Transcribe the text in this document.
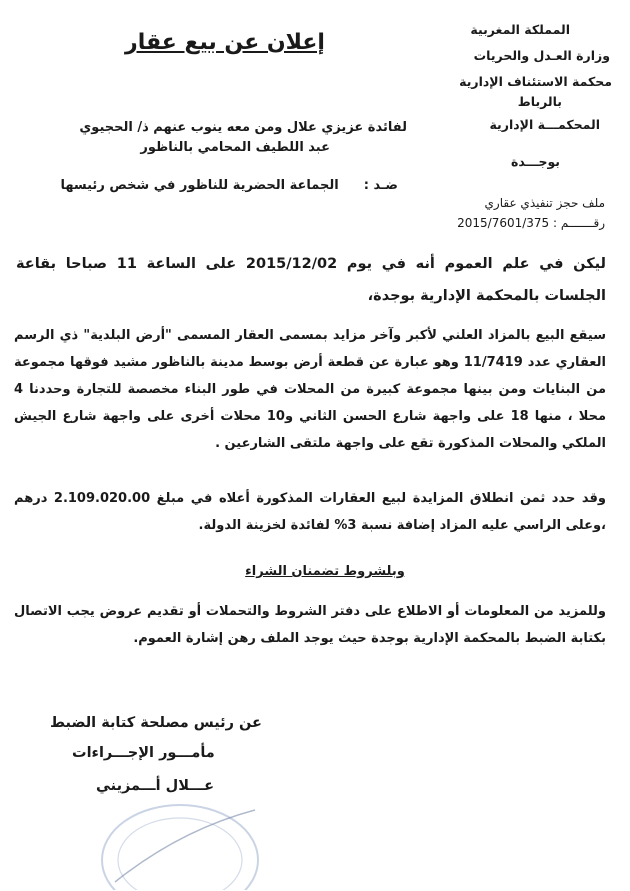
المملكة المغربية
وزارة العـدل والحريات
محكمة الاستئناف الإدارية
بالرباط
المحكمـــة الإدارية
بوجـــدة
إعلان عن بيع عقار
لفائدة عزيزي علال ومن معه ينوب عنهم ذ/ الحجيوي
عبد اللطيف المحامي بالناظور
ضـد :  الجماعة الحضرية للناظور في شخص رئيسها
ملف حجز تنفيذي عقاري
رقـــــــم : 2015/7601/375
ليكن في علم العموم أنه في يوم 2015/12/02 على الساعة 11 صباحا بقاعة الجلسات بالمحكمة الإدارية بوجدة،
سيقع البيع بالمزاد العلني لأكبر وآخر مزايد بمسمى العقار المسمى "أرض البلدية" ذي الرسم العقاري عدد 11/7419 وهو عبارة عن قطعة أرض بوسط مدينة بالناظور مشيد فوقها مجموعة من البنايات ومن بينها مجموعة كبيرة من المحلات في طور البناء مخصصة للتجارة وحددنا 4 محلا ، منها 18 على واجهة شارع الحسن الثاني و10 محلات أخرى على واجهة شارع الجيش الملكي والمحلات المذكورة تقع على واجهة ملتقى الشارعين .
وقد حدد ثمن انطلاق المزايدة لبيع العقارات المذكورة أعلاه في مبلغ 2.109.020.00 درهم ،وعلى الراسي عليه المزاد إضافة نسبة 3% لفائدة لخزينة الدولة.
وبلشروط تضمنان الشراء
وللمزيد من المعلومات أو الاطلاع على دفتر الشروط والتحملات أو تقديم عروض يجب الاتصال بكتابة الضبط بالمحكمة الإدارية بوجدة حيث يوجد الملف رهن إشارة العموم.
عن رئيس مصلحة كتابة الضبط
مأمـــور الإجـــراءات
عـــلال أـــمزيني
